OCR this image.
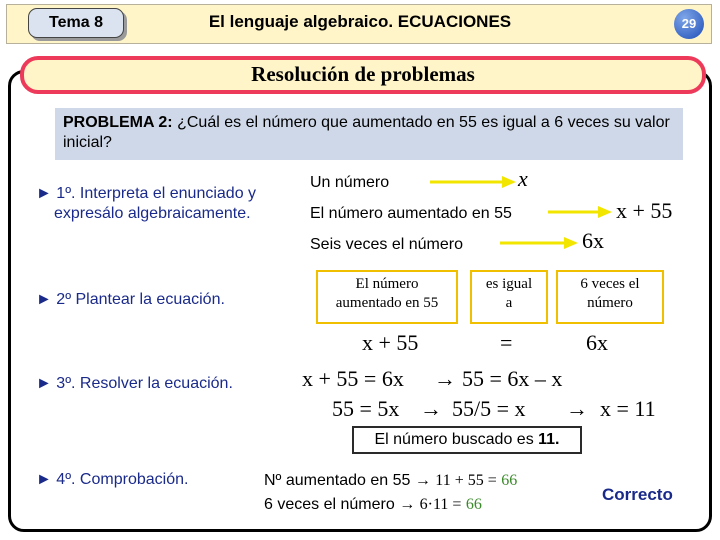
Tema 8	El lenguaje algebraico. ECUACIONES	29
Resolución de problemas
PROBLEMA 2: ¿Cuál es el número que aumentado en 55 es igual a 6 veces su valor inicial?
► 1º. Interpreta el enunciado y
expresálo algebraicamente.
Un número	x
El número aumentado en 55	x + 55
Seis veces el número	6x
► 2º Plantear la ecuación.
El número
aumentado en 55
es igual
a
6 veces el
número
x + 55	=	6x
► 3º. Resolver la ecuación.	x + 55 = 6x → 55 = 6x – x
55 = 5x → 55/5 = x → x = 11
El número buscado es 11.
► 4º. Comprobación.	Nº aumentado en 55 → 11 + 55 = 66
6 veces el número → 6·11 = 66
Correcto
